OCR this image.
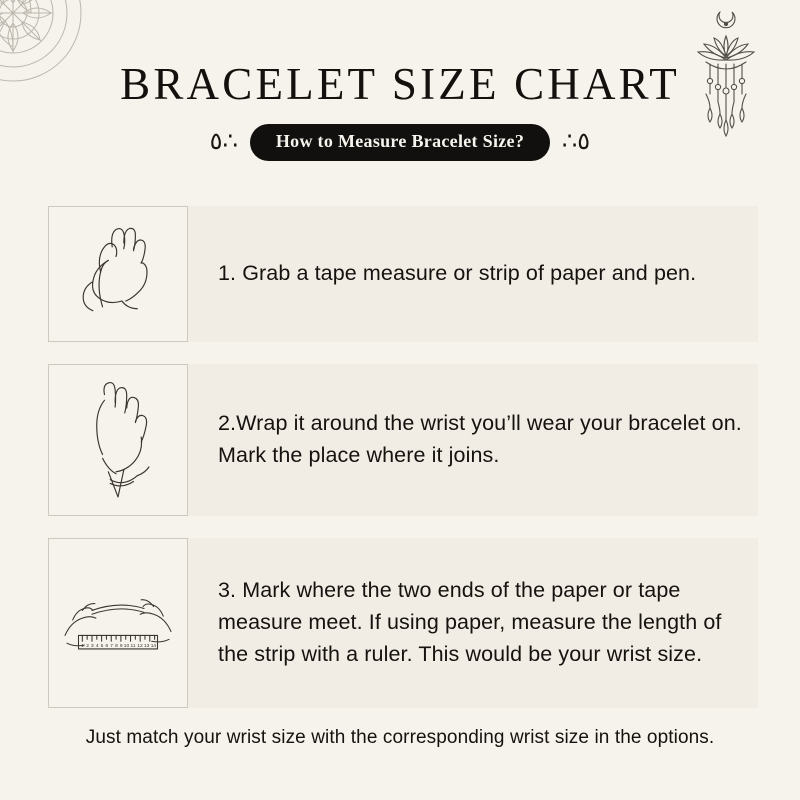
BRACELET SIZE CHART
٥∴	How to Measure Bracelet Size?	٥∴
1. Grab a tape measure or strip of paper and pen.
2.Wrap it around the wrist you’ll wear your bracelet on. Mark the place where it joins.
1 2 3 4 5 6 7 8 9 10 11 12 13 14
3. Mark where the two ends of the paper or tape measure meet. If using paper, measure the length of the strip with a ruler. This would be your wrist size.
Just match your wrist size with the corresponding wrist size in the options.
